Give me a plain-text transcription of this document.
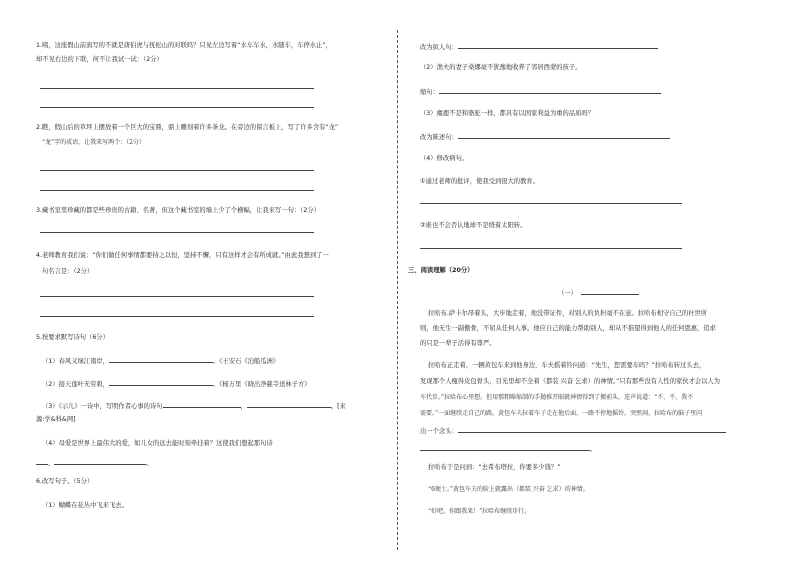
1.咦，这座假山前面写的不就是唐伯虎与抚松山的对联吗？只见左边写着“水车车水，水随车，车停水止”，
却不见右边的下联，何不让我试一试：（2分）
2.瞧，假山后的草坪上摆放着一个巨大的宝鼎，鼎上雕刻着许多条龙。在旁边的留言板上，写了许多含有“龙”
“龙”字的成语，让我来写两个：（2分）
3.藏书室里珍藏的都是些珍贵的古籍、名著，但这个藏书室的墙上少了个横幅，让我来写一句：（2分）
4.老师教育我们说：“你们做任何事情都要持之以恒，坚持不懈，只有这样才会有所成就。”由此我想到了一
句名言是：（2分）
5.按要求默写诗句（6分）
（1）春风又绿江南岸，	。《王安石《泊船瓜洲》
（2）接天莲叶无穷碧，	。《杨万里《晓出净慈寺送林子方》
（3）《示儿》一诗中，写明作者心事的诗句	，	。[来
源:学&科&网]
（4）母爱是世界上最伟大的爱，如儿女的远去能时刻牵挂着？这使我们想起那句诗
，	。
6.改写句子。（5分）
（1）蝴蝶在花丛中飞来飞去。
改为拟人句：
（2）渔夫的妻子桑娜毫不犹豫地收养了邻居西蒙的孩子。
缩句：
（3）麋鹿不是和骆驼一样，都具有以国家利益为重的品质吗？
改为陈述句：
（4）修改病句。
①通过老师的批评，使我受到很大的教育。
②谁也不会否认地球不是绕着太阳转。
三、阅读理解（20分）
（一）
拉哈布.萨卡尔昂着头，大步地走着，他没带证件，对别人的负担毫不在意。拉哈布相守自己的社世所
则，他无生一副傲骨，不屈从任何人事。他应自己的能力帮助别人，却从不指望得到他人的任何恩惠，追求
的只是一辈子活得有尊严。
拉哈布正走着，一辆黄包车来到他身边，车夫摇着铃问道：“先生，您需要车吗？”拉哈布转过头去，
发现那个人瘦得皮包骨头，目光里却不全着（都装 兴奋 乞求）的神情。”只有那些没有人性的家伙才会以人为
车代步。”拉哈布心里想。但用那粗略缩制的手抛推开眼就神情得到了搬前头，连声说道：“不，不，我不
需要。”一面继续走自己的路。黄包车夫拉着车子走在他后面，一路不停地摇铃。突然间，拉哈布的脑子里闪
出一个念头：
。
拉哈布于是问到：“去希布塔拉，你要多少钱？”
“6便士。”黄包车夫的脸上就露出（都装 兴奋 乞求）的神情。
“好吧，你跟我来！”拉哈布继续步行。
